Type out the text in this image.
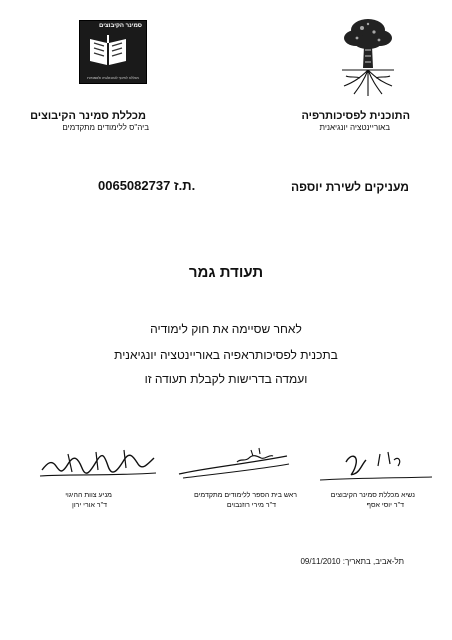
סמינר הקיבוצים
מכללה לחינוך לטכנולוגיה ולאמנויות
התוכנית לפסיכותרפיה
באוריינטציה יונגיאנית
מכללת סמינר הקיבוצים
ביה"ס ללימודים מתקדמים
מעניקים לשירת יוספה
0065082737 ת.ז.
תעודת גמר
לאחר שסיימה את חוק לימודיה
בתכנית לפסיכותראפיה באוריינטציה יונגיאנית
ועמדה בדרישות לקבלת תעודה זו
מניע צוות ההיגוי
ד"ר אורי ירון
ראש בית הספר ללימודים מתקדמים
ד"ר מירי רוזנבוים
נשיא מכללת סמינר הקיבוצים
ד"ר יוסי אסף
תל-אביב, בתאריך: 09/11/2010
